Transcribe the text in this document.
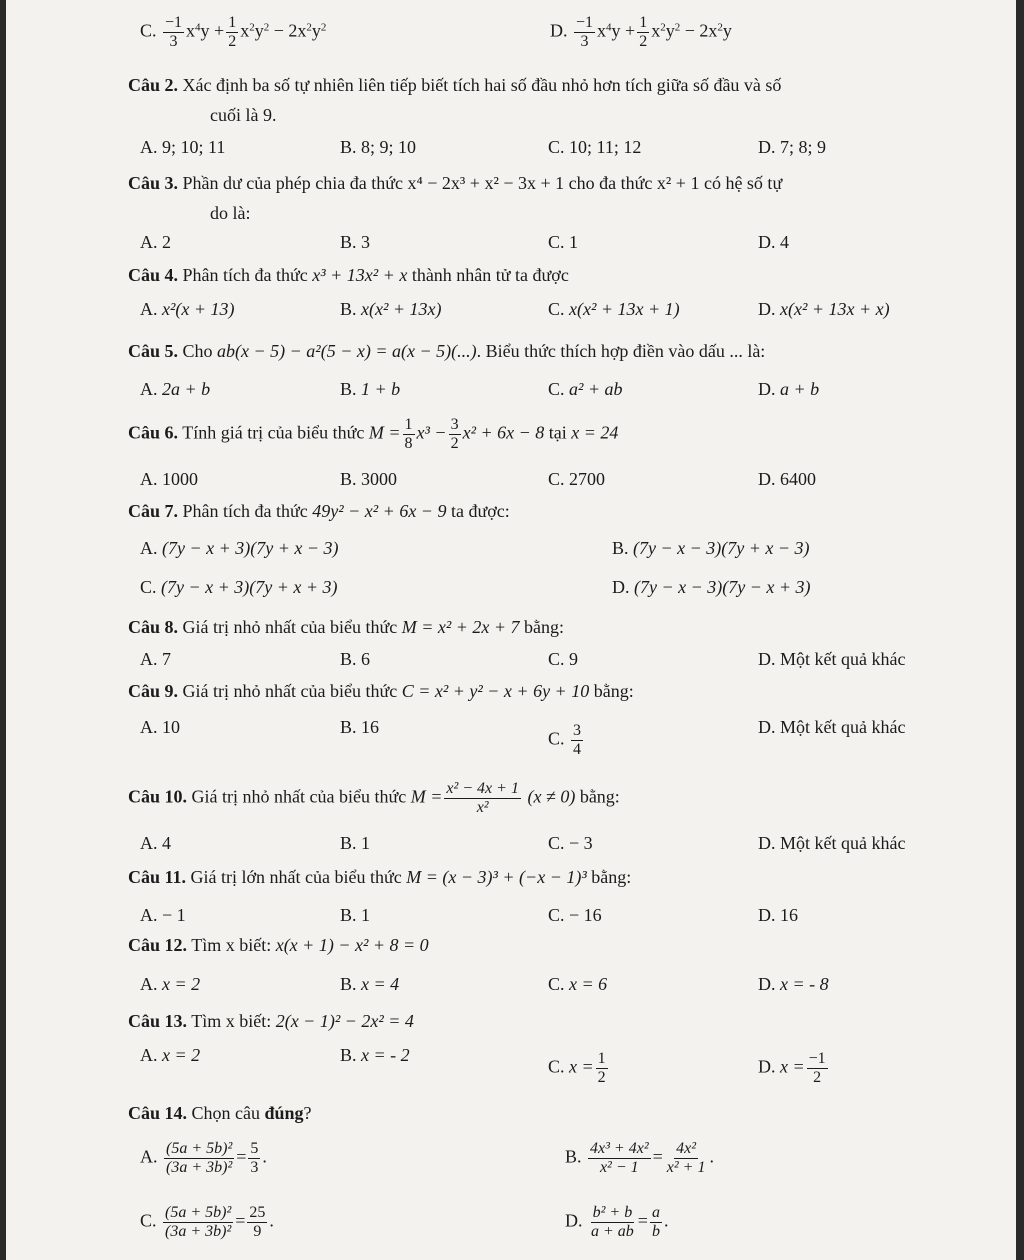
C. $\frac{-1}{3} x^4y + \frac{1}{2} x^2y^2 - 2x^2y^2$	D. $\frac{-1}{3} x^4y + \frac{1}{2} x^2y^2 - 2x^2y$
Câu 2. Xác định ba số tự nhiên liên tiếp biết tích hai số đầu nhỏ hơn tích giữa số đầu và số
cuối là 9.
A. 9; 10; 11	B. 8; 9; 10	C. 10; 11; 12	D. 7; 8; 9
Câu 3. Phần dư của phép chia đa thức x⁴ − 2x³ + x² − 3x + 1 cho đa thức x² + 1 có hệ số tự
do là:
A. 2	B. 3	C. 1	D. 4
Câu 4. Phân tích đa thức x³ + 13x² + x thành nhân tử ta được
A. x²(x + 13)	B. x(x² + 13x)	C. x(x² + 13x + 1)	D. x(x² + 13x + x)
Câu 5. Cho ab(x − 5) − a²(5 − x) = a(x − 5)(...). Biểu thức thích hợp điền vào dấu ... là:
A. 2a + b	B. 1 + b	C. a² + ab	D. a + b
Câu 6. Tính giá trị của biểu thức $M = \frac{1}{8} x^3 - \frac{3}{2} x^2 + 6x - 8$ tại x = 24
A. 1000	B. 3000	C. 2700	D. 6400
Câu 7. Phân tích đa thức 49y² − x² + 6x − 9 ta được:
A. (7y − x + 3)(7y + x − 3)	B. (7y − x − 3)(7y + x − 3)
C. (7y − x + 3)(7y + x + 3)	D. (7y − x − 3)(7y − x + 3)
Câu 8. Giá trị nhỏ nhất của biểu thức M = x² + 2x + 7 bằng:
A. 7	B. 6	C. 9	D. Một kết quả khác
Câu 9. Giá trị nhỏ nhất của biểu thức C = x² + y² − x + 6y + 10 bằng:
A. 10	B. 16
C. $\frac{3}{4}$	D. Một kết quả khác
Câu 10. Giá trị nhỏ nhất của biểu thức $M = \frac{\text{x² − 4x + 1}}{\text{x²}} (x \ne 0)$ bằng:
A. 4	B. 1	C. − 3	D. Một kết quả khác
Câu 11. Giá trị lớn nhất của biểu thức M = (x − 3)³ + (−x − 1)³ bằng:
A. − 1	B. 1	C. − 16	D. 16
Câu 12. Tìm x biết: x(x + 1) − x² + 8 = 0
A. x = 2	B. x = 4	C. x = 6	D. x = - 8
Câu 13. Tìm x biết: 2(x − 1)² − 2x² = 4
A. x = 2	B. x = - 2
C. $x = \frac{1}{2}$	D. $x = \frac{-1}{2}$
Câu 14. Chọn câu đúng?
A. $\frac{\text{(5a + 5b)²}}{\text{(3a + 3b)²}} = \frac{5}{3}$ .	B. $\frac{\text{4x³ + 4x²}}{\text{x² − 1}} = \frac{\text{4x²}}{\text{x² + 1}}$ .
C. $\frac{\text{(5a + 5b)²}}{\text{(3a + 3b)²}} = \frac{25}{9}$ .	D. $\frac{\text{b² + b}}{a + ab} = \frac{a}{b}$ .
